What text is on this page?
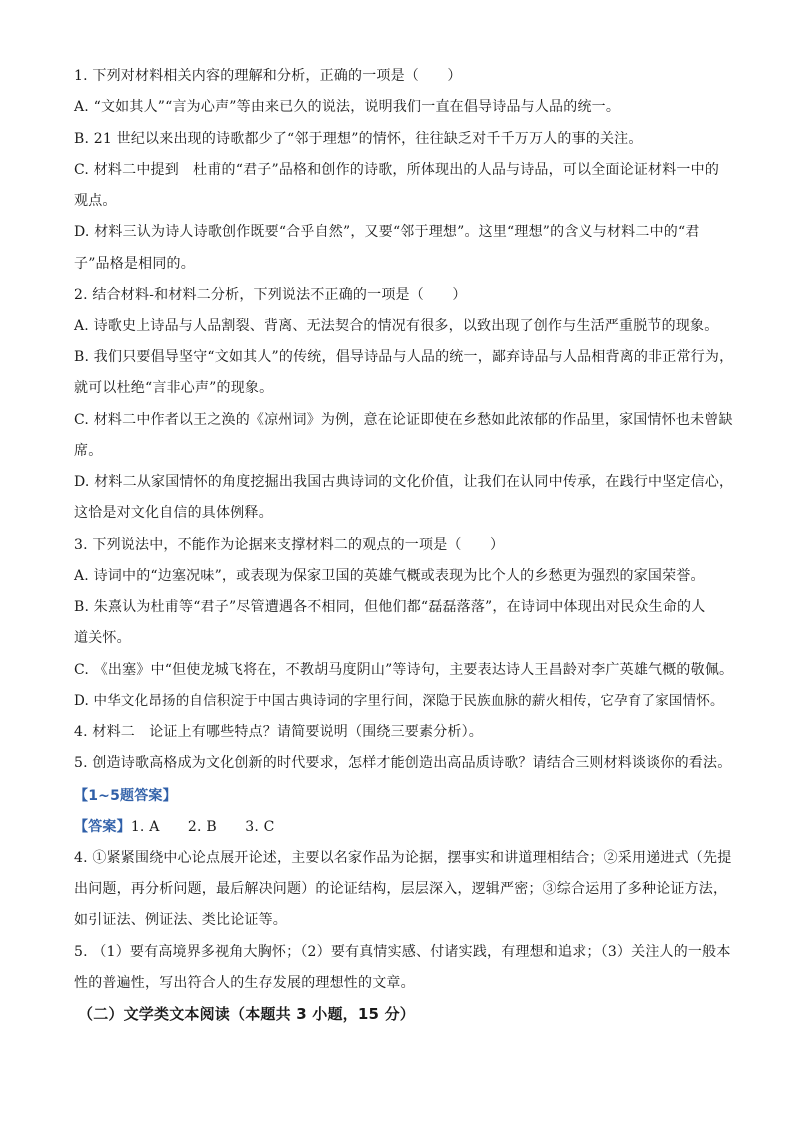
1. 下列对材料相关内容的理解和分析，正确的一项是（　　）
A. “文如其人”“言为心声”等由来已久的说法，说明我们一直在倡导诗品与人品的统一。
B. 21 世纪以来出现的诗歌都少了“邻于理想”的情怀，往往缺乏对千千万万人的事的关注。
C. 材料二中提到　杜甫的“君子”品格和创作的诗歌，所体现出的人品与诗品，可以全面论证材料一中的
观点。
D. 材料三认为诗人诗歌创作既要“合乎自然”，又要“邻于理想”。这里“理想”的含义与材料二中的“君
子”品格是相同的。
2. 结合材料-和材料二分析，下列说法不正确的一项是（　　）
A. 诗歌史上诗品与人品割裂、背离、无法契合的情况有很多，以致出现了创作与生活严重脱节的现象。
B. 我们只要倡导坚守“文如其人”的传统，倡导诗品与人品的统一，鄙弃诗品与人品相背离的非正常行为，
就可以杜绝“言非心声”的现象。
C. 材料二中作者以王之涣的《凉州词》为例，意在论证即使在乡愁如此浓郁的作品里，家国情怀也未曾缺
席。
D. 材料二从家国情怀的角度挖掘出我国古典诗词的文化价值，让我们在认同中传承，在践行中坚定信心，
这恰是对文化自信的具体例释。
3. 下列说法中，不能作为论据来支撑材料二的观点的一项是（　　）
A. 诗词中的“边塞况味”，或表现为保家卫国的英雄气概或表现为比个人的乡愁更为强烈的家国荣誉。
B. 朱熹认为杜甫等“君子”尽管遭遇各不相同，但他们都“磊磊落落”，在诗词中体现出对民众生命的人
道关怀。
C. 《出塞》中“但使龙城飞将在，不教胡马度阴山”等诗句，主要表达诗人王昌龄对李广英雄气概的敬佩。
D. 中华文化昂扬的自信积淀于中国古典诗词的字里行间，深隐于民族血脉的薪火相传，它孕育了家国情怀。
4. 材料二　论证上有哪些特点？请简要说明（围绕三要素分析）。
5. 创造诗歌高格成为文化创新的时代要求，怎样才能创造出高品质诗歌？请结合三则材料谈谈你的看法。
【1~5题答案】
【答案】1. A　　2. B　　3. C
4. ①紧紧围绕中心论点展开论述，主要以名家作品为论据，摆事实和讲道理相结合；②采用递进式（先提
出问题，再分析问题，最后解决问题）的论证结构，层层深入，逻辑严密；③综合运用了多种论证方法，
如引证法、例证法、类比论证等。
5. （1）要有高境界多视角大胸怀；（2）要有真情实感、付诸实践，有理想和追求；（3）关注人的一般本
性的普遍性，写出符合人的生存发展的理想性的文章。
（二）文学类文本阅读（本题共 3 小题，15 分）
